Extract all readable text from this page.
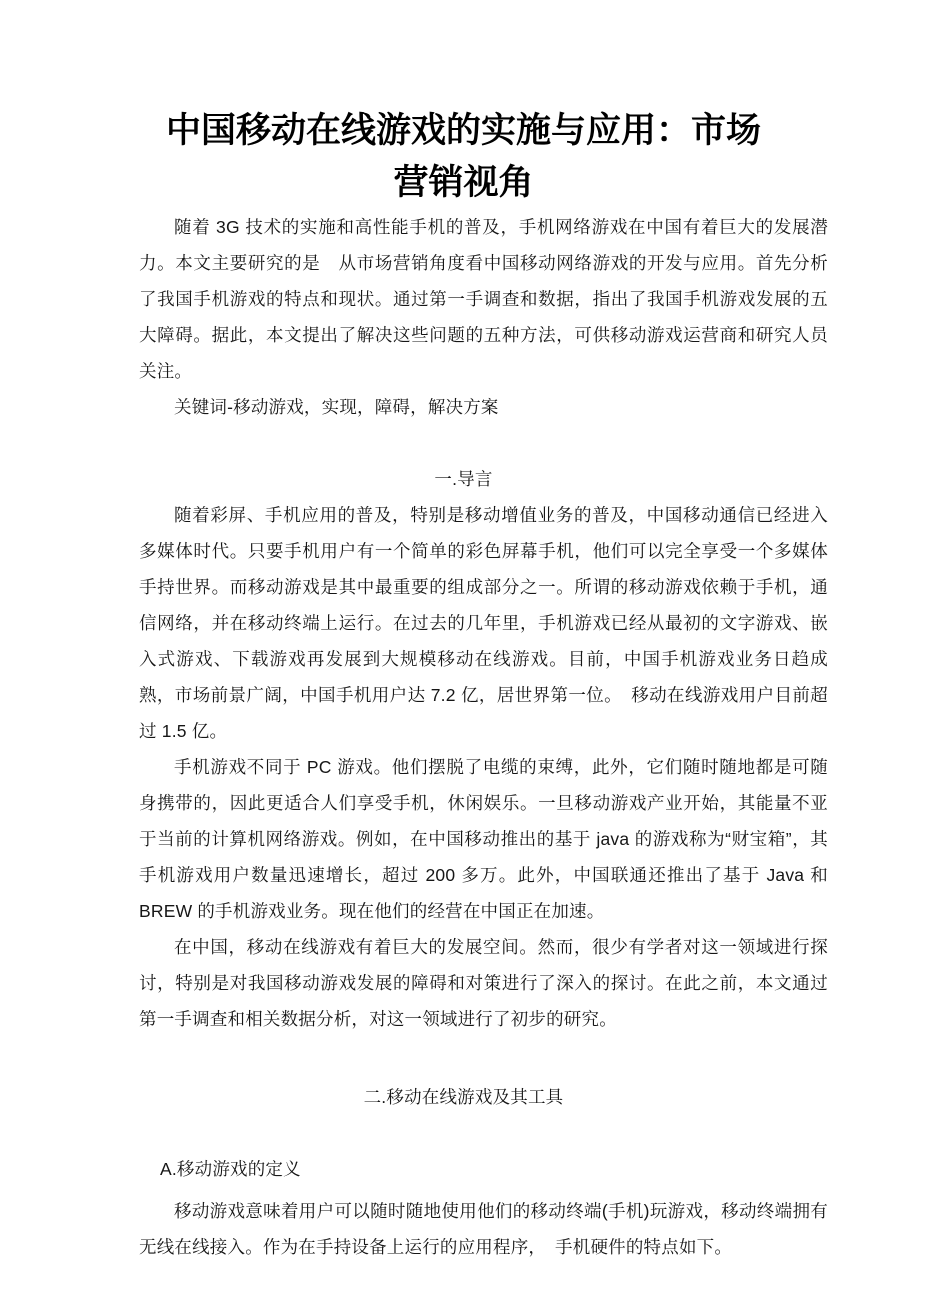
中国移动在线游戏的实施与应用：市场
营销视角

随着 3G 技术的实施和高性能手机的普及，手机网络游戏在中国有着巨大的发展潜力。本文主要研究的是　从市场营销角度看中国移动网络游戏的开发与应用。首先分析了我国手机游戏的特点和现状。通过第一手调查和数据，指出了我国手机游戏发展的五大障碍。据此，本文提出了解决这些问题的五种方法，可供移动游戏运营商和研究人员关注。

关键词-移动游戏，实现，障碍，解决方案

一.导言

随着彩屏、手机应用的普及，特别是移动增值业务的普及，中国移动通信已经进入多媒体时代。只要手机用户有一个简单的彩色屏幕手机，他们可以完全享受一个多媒体手持世界。而移动游戏是其中最重要的组成部分之一。所谓的移动游戏依赖于手机，通信网络，并在移动终端上运行。在过去的几年里，手机游戏已经从最初的文字游戏、嵌入式游戏、下载游戏再发展到大规模移动在线游戏。目前，中国手机游戏业务日趋成熟，市场前景广阔，中国手机用户达 7.2 亿，居世界第一位。　移动在线游戏用户目前超过 1.5 亿。

手机游戏不同于 PC 游戏。他们摆脱了电缆的束缚，此外，它们随时随地都是可随身携带的，因此更适合人们享受手机，休闲娱乐。一旦移动游戏产业开始，其能量不亚于当前的计算机网络游戏。例如，在中国移动推出的基于 java 的游戏称为“财宝箱”，其手机游戏用户数量迅速增长，超过 200 多万。此外，中国联通还推出了基于 Java 和 BREW 的手机游戏业务。现在他们的经营在中国正在加速。

在中国，移动在线游戏有着巨大的发展空间。然而，很少有学者对这一领域进行探讨，特别是对我国移动游戏发展的障碍和对策进行了深入的探讨。在此之前，本文通过第一手调查和相关数据分析，对这一领域进行了初步的研究。

二.移动在线游戏及其工具

A.移动游戏的定义

移动游戏意味着用户可以随时随地使用他们的移动终端(手机)玩游戏，移动终端拥有无线在线接入。作为在手持设备上运行的应用程序，　手机硬件的特点如下。
